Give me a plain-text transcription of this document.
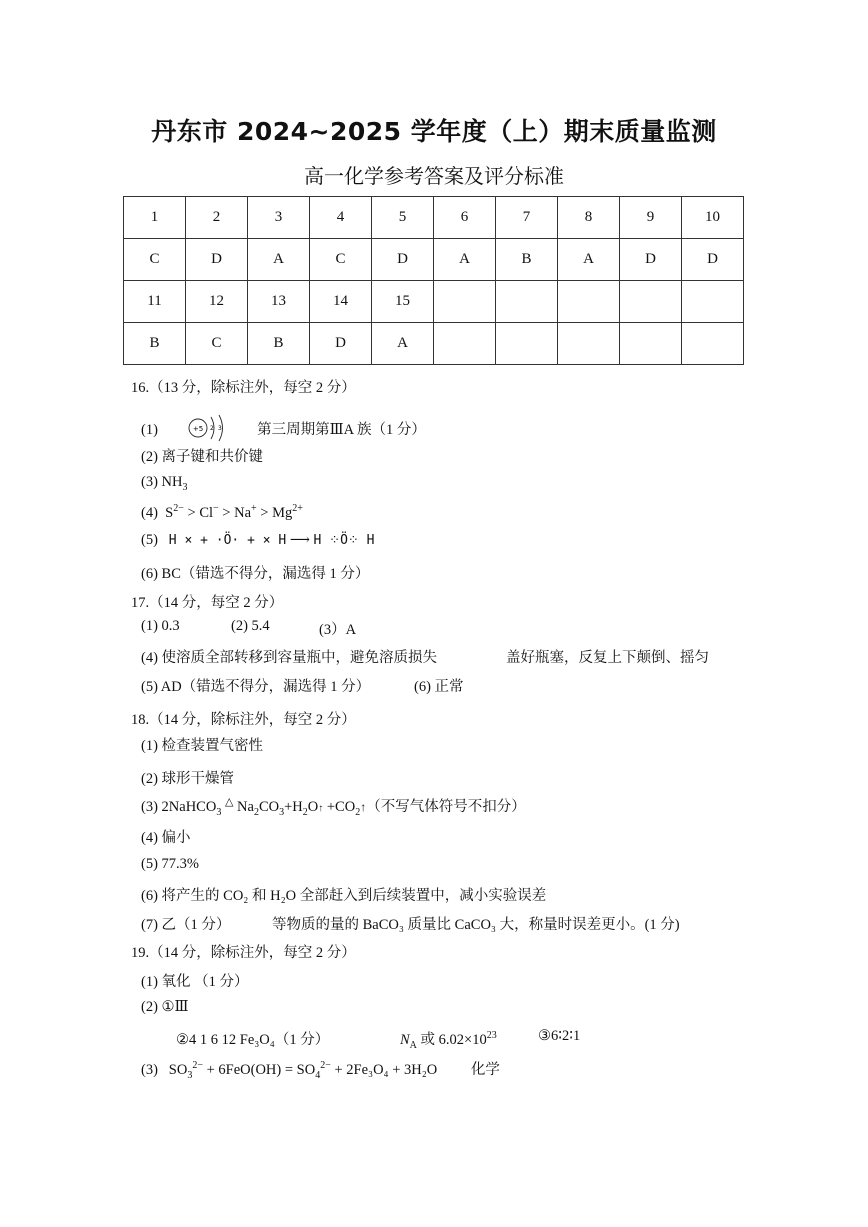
丹东市 2024~2025 学年度（上）期末质量监测
高一化学参考答案及评分标准
1	2	3	4	5	6	7	8	9	10
C	D	A	C	D	A	B	A	D	D
11	12	13	14	15					
B	C	B	D	A					
16.（13 分，除标注外，每空 2 分）
(1)	+5 2 3 第三周期第ⅢA 族（1 分）
(2) 离子键和共价键
(3) $NH_3$
(4) $S^{2-} > Cl^- > Na^+ > Mg^{2+}$
(5) H × + ·Ö· + × H ⟶ H ⁘Ö⁘ H
(6) BC（错选不得分，漏选得 1 分）
17.（14 分，每空 2 分）
(1) 0.3	(2) 5.4	(3）A
(4) 使溶质全部转移到容量瓶中，避免溶质损失	盖好瓶塞，反复上下颠倒、摇匀
(5) AD（错选不得分，漏选得 1 分）	(6) 正常
18.（14 分，除标注外，每空 2 分）
(1) 检查装置气密性
(2) 球形干燥管
(3) 2NaHCO$_3$ △ $Na_2CO_3+H_2O↑$ $+CO_2↑$（不写气体符号不扣分）
(4) 偏小
(5) 77.3%
(6) 将产生的 CO₂ 和 H₂O 全部赶入到后续装置中，减小实验误差
(7) 乙（1 分）	等物质的量的 BaCO₃ 质量比 CaCO₃ 大，称量时误差更小。(1 分)
19.（14 分，除标注外，每空 2 分）
(1) 氧化 （1 分）
(2) ①Ⅲ
②4 1 6 12 Fe₃O₄（1 分）	$N_A$ 或 $6.02\times 10^{23}$	③6∶2∶1
(3) $SO_3^{2-} + 6FeO(OH) = SO_4^{2-} + 2Fe_3O_4 + 3H_2O$ 化学
